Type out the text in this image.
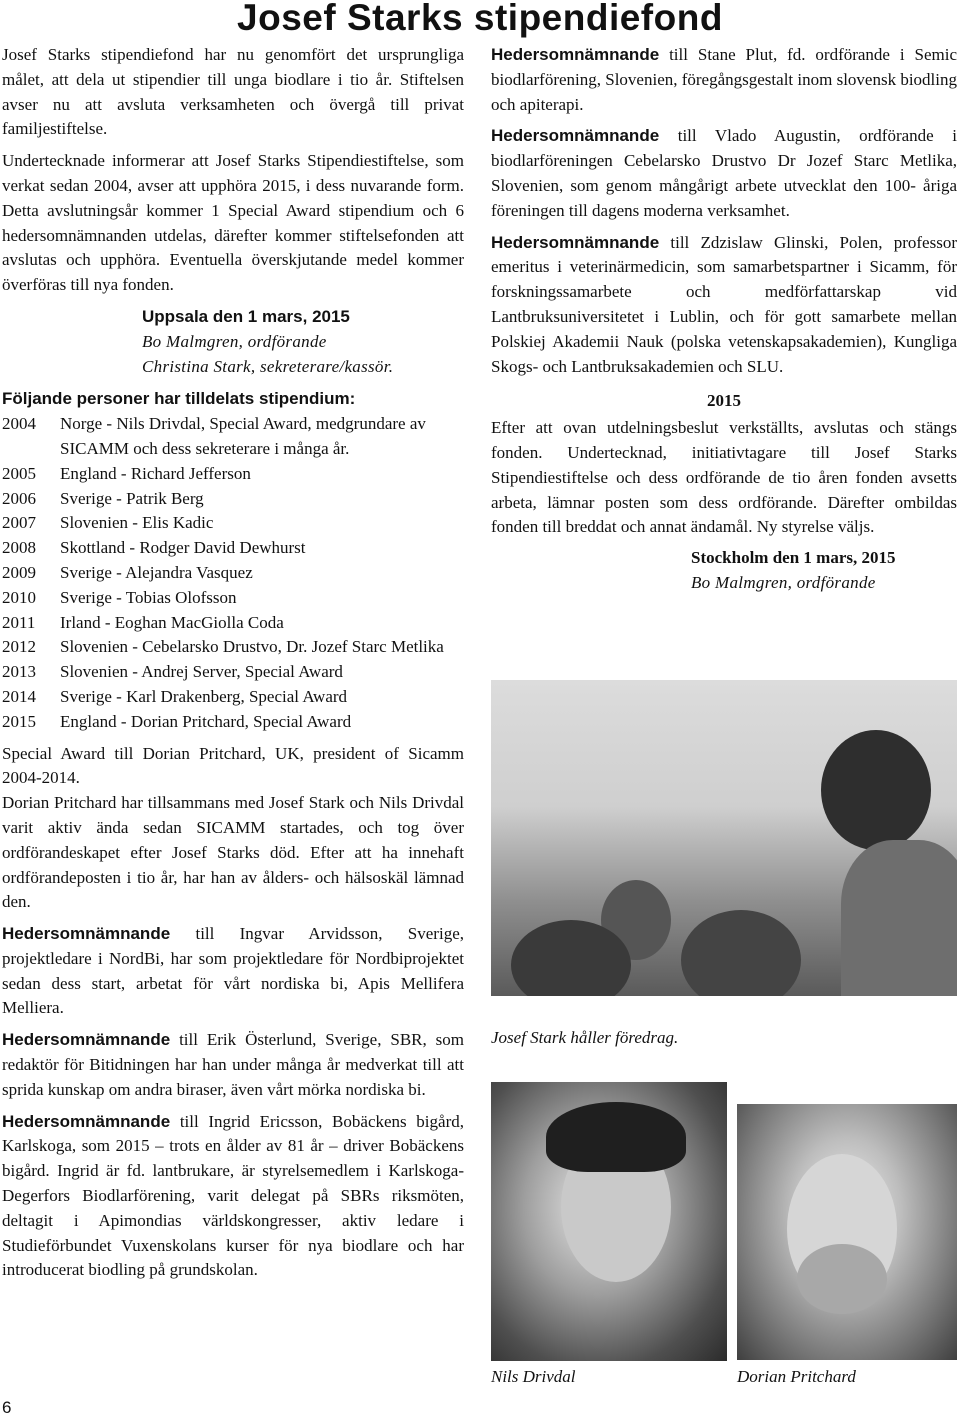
Josef Starks stipendiefond

Josef Starks stipendiefond har nu genomfört det ursprungliga målet, att dela ut stipendier till unga biodlare i tio år. Stiftelsen avser nu att avsluta verksamheten och övergå till privat familjestiftelse.

Undertecknade informerar att Josef Starks Stipendiestiftelse, som verkat sedan 2004, avser att upphöra 2015, i dess nuvarande form. Detta avslutningsår kommer 1 Special Award stipendium och 6 hedersomnämnanden utdelas, därefter kommer stiftelsefonden att avslutas och upphöra. Eventuella överskjutande medel kommer överföras till nya fonden.

Uppsala den 1 mars, 2015
Bo Malmgren, ordförande
Christina Stark, sekreterare/kassör.
Följande personer har tilldelats stipendium:
2004	Norge - Nils Drivdal, Special Award, medgrundare av SICAMM och dess sekreterare i många år.
2005	England - Richard Jefferson
2006	Sverige - Patrik Berg
2007	Slovenien - Elis Kadic
2008	Skottland - Rodger David Dewhurst
2009	Sverige - Alejandra Vasquez
2010	Sverige - Tobias Olofsson
2011	Irland - Eoghan MacGiolla Coda
2012	Slovenien - Cebelarsko Drustvo, Dr. Jozef Starc Metlika
2013	Slovenien - Andrej Server, Special Award
2014	Sverige - Karl Drakenberg, Special Award
2015	England - Dorian Pritchard, Special Award

Special Award till Dorian Pritchard, UK, president of Sicamm 2004-2014.

Dorian Pritchard har tillsammans med Josef Stark och Nils Drivdal varit aktiv ända sedan SICAMM startades, och tog över ordförandeskapet efter Josef Starks död. Efter att ha innehaft ordförandeposten i tio år, har han av ålders- och hälsoskäl lämnad den.

Hedersomnämnande till Ingvar Arvidsson, Sverige, projektledare i NordBi, har som projektledare för Nordbiprojektet sedan dess start, arbetat för vårt nordiska bi, Apis Mellifera Melliera.

Hedersomnämnande till Erik Österlund, Sverige, SBR, som redaktör för Bitidningen har han under många år medverkat till att sprida kunskap om andra biraser, även vårt mörka nordiska bi.

Hedersomnämnande till Ingrid Ericsson, Bobäckens bigård, Karlskoga, som 2015 – trots en ålder av 81 år – driver Bobäckens bigård. Ingrid är fd. lantbrukare, är styrelsemedlem i Karlskoga-Degerfors Biodlarförening, varit delegat på SBRs riksmöten, deltagit i Apimondias världskongresser, aktiv ledare i Studieförbundet Vuxenskolans kurser för nya biodlare och har introducerat biodling på grundskolan.

Hedersomnämnande till Stane Plut, fd. ordförande i Semic biodlarförening, Slovenien, föregångsgestalt inom slovensk biodling och apiterapi.

Hedersomnämnande till Vlado Augustin, ordförande i biodlarföreningen Cebelarsko Drustvo Dr Jozef Starc Metlika, Slovenien, som genom mångårigt arbete utvecklat den 100- åriga föreningen till dagens moderna verksamhet.

Hedersomnämnande till Zdzislaw Glinski, Polen, professor emeritus i veterinärmedicin, som samarbetspartner i Sicamm, för forskningssamarbete och medförfattarskap vid Lantbruksuniversitetet i Lublin, och för gott samarbete mellan Polskiej Akademii Nauk (polska vetenskapsakademien), Kungliga Skogs- och Lantbruksakademien och SLU.

2015

Efter att ovan utdelningsbeslut verkställts, avslutas och stängs fonden. Undertecknad, initiativtagare till Josef Starks Stipendiestiftelse och dess ordförande de tio åren fonden avsetts arbeta, lämnar posten som dess ordförande. Därefter ombildas fonden till breddat och annat ändamål. Ny styrelse väljs.

Stockholm den 1 mars, 2015
Bo Malmgren, ordförande
Josef Stark håller föredrag.
Nils Drivdal	Dorian Pritchard
6
